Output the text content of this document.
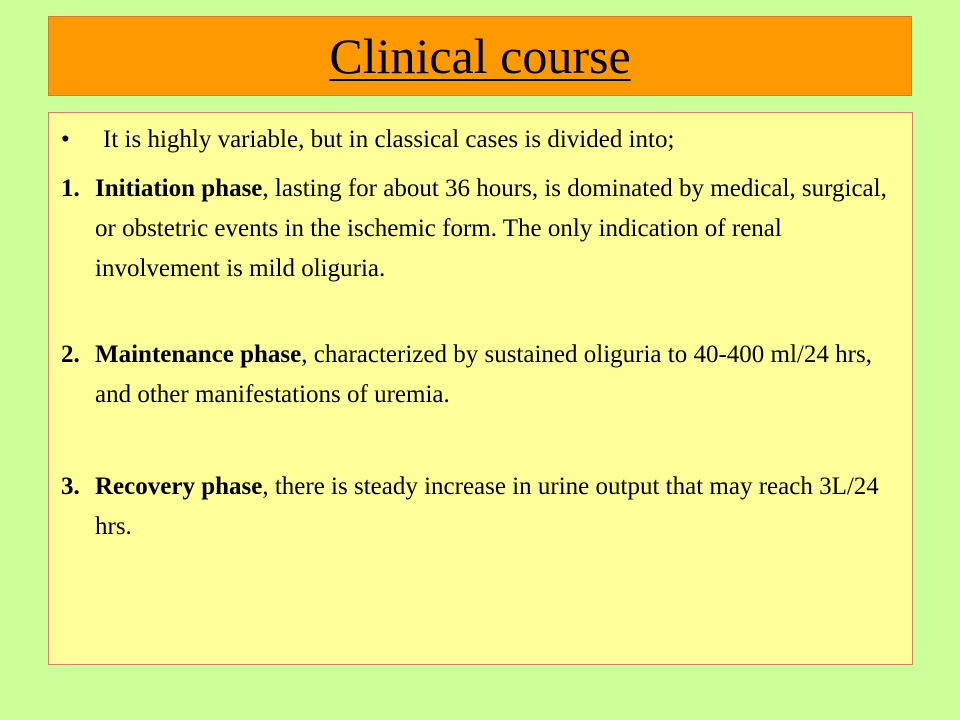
Clinical course
•	It is highly variable, but in classical cases is divided into;
1. Initiation phase, lasting for about 36 hours, is dominated by medical, surgical, or obstetric events in the ischemic form. The only indication of renal involvement is mild oliguria.
2. Maintenance phase, characterized by sustained oliguria to 40-400 ml/24 hrs, and other manifestations of uremia.
3. Recovery phase, there is steady increase in urine output that may reach 3L/24 hrs.
